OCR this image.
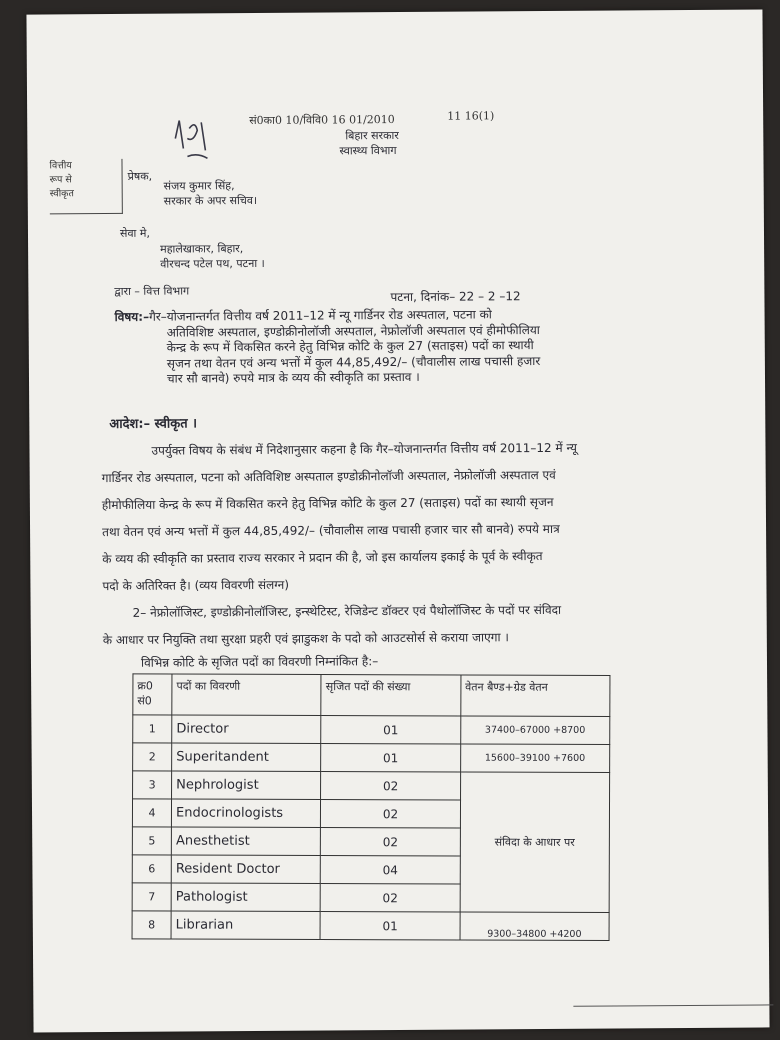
सं0का0 10/विवि0 16 01/2010	11 16(1)
बिहार सरकार
स्वास्थ्य विभाग
वित्तीय
रूप से
स्वीकृत
प्रेषक,
संजय कुमार सिंह,
सरकार के अपर सचिव।
सेवा मे,
महालेखाकार, बिहार,
वीरचन्द पटेल पथ, पटना ।
द्वारा – वित्त विभाग	पटना, दिनांक– 22 – 2 –12
विषय:–गैर–योजनान्तर्गत वित्तीय वर्ष 2011–12 में न्यू गार्डिनर रोड अस्पताल, पटना को
अतिविशिष्ट अस्पताल, इण्डोक्रीनोलॉजी अस्पताल, नेफ्रोलॉजी अस्पताल एवं हीमोफीलिया
केन्द्र के रूप में विकसित करने हेतु विभिन्न कोटि के कुल 27 (सताइस) पदों का स्थायी
सृजन तथा वेतन एवं अन्य भत्तों में कुल 44,85,492/– (चौवालीस लाख पचासी हजार
चार सौ बानवे) रुपये मात्र के व्यय की स्वीकृति का प्रस्ताव ।
आदेश:– स्वीकृत ।
उपर्युक्त विषय के संबंध में निदेशानुसार कहना है कि गैर–योजनान्तर्गत वित्तीय वर्ष 2011–12 में न्यू
गार्डिनर रोड अस्पताल, पटना को अतिविशिष्ट अस्पताल इण्डोक्रीनोलॉजी अस्पताल, नेफ्रोलॉजी अस्पताल एवं
हीमोफीलिया केन्द्र के रूप में विकसित करने हेतु विभिन्न कोटि के कुल 27 (सताइस) पदों का स्थायी सृजन
तथा वेतन एवं अन्य भत्तों में कुल 44,85,492/– (चौवालीस लाख पचासी हजार चार सौ बानवे) रुपये मात्र
के व्यय की स्वीकृति का प्रस्ताव राज्य सरकार ने प्रदान की है, जो इस कार्यालय इकाई के पूर्व के स्वीकृत
पदो के अतिरिक्त है। (व्यय विवरणी संलग्न)
2– नेफ्रोलॉजिस्ट, इण्डोक्रीनोलॉजिस्ट, इन्स्थेटिस्ट, रेजिडेन्ट डॉक्टर एवं पैथोलॉजिस्ट के पदों पर संविदा
के आधार पर नियुक्ति तथा सुरक्षा प्रहरी एवं झाडुकश के पदो को आउटसोर्स से कराया जाएगा ।
विभिन्न कोटि के सृजित पदों का विवरणी निम्नांकित है:–
क्र0 सं0	पदों का विवरणी	सृजित पदों की संख्या	वेतन बैण्ड+ग्रेड वेतन
1	Director	01	37400–67000 +8700
2	Superitandent	01	15600–39100 +7600
3	Nephrologist	02	संविदा के आधार पर
4	Endocrinologists	02	
5	Anesthetist	02	
6	Resident Doctor	04	
7	Pathologist	02	
8	Librarian	01	9300–34800 +4200
